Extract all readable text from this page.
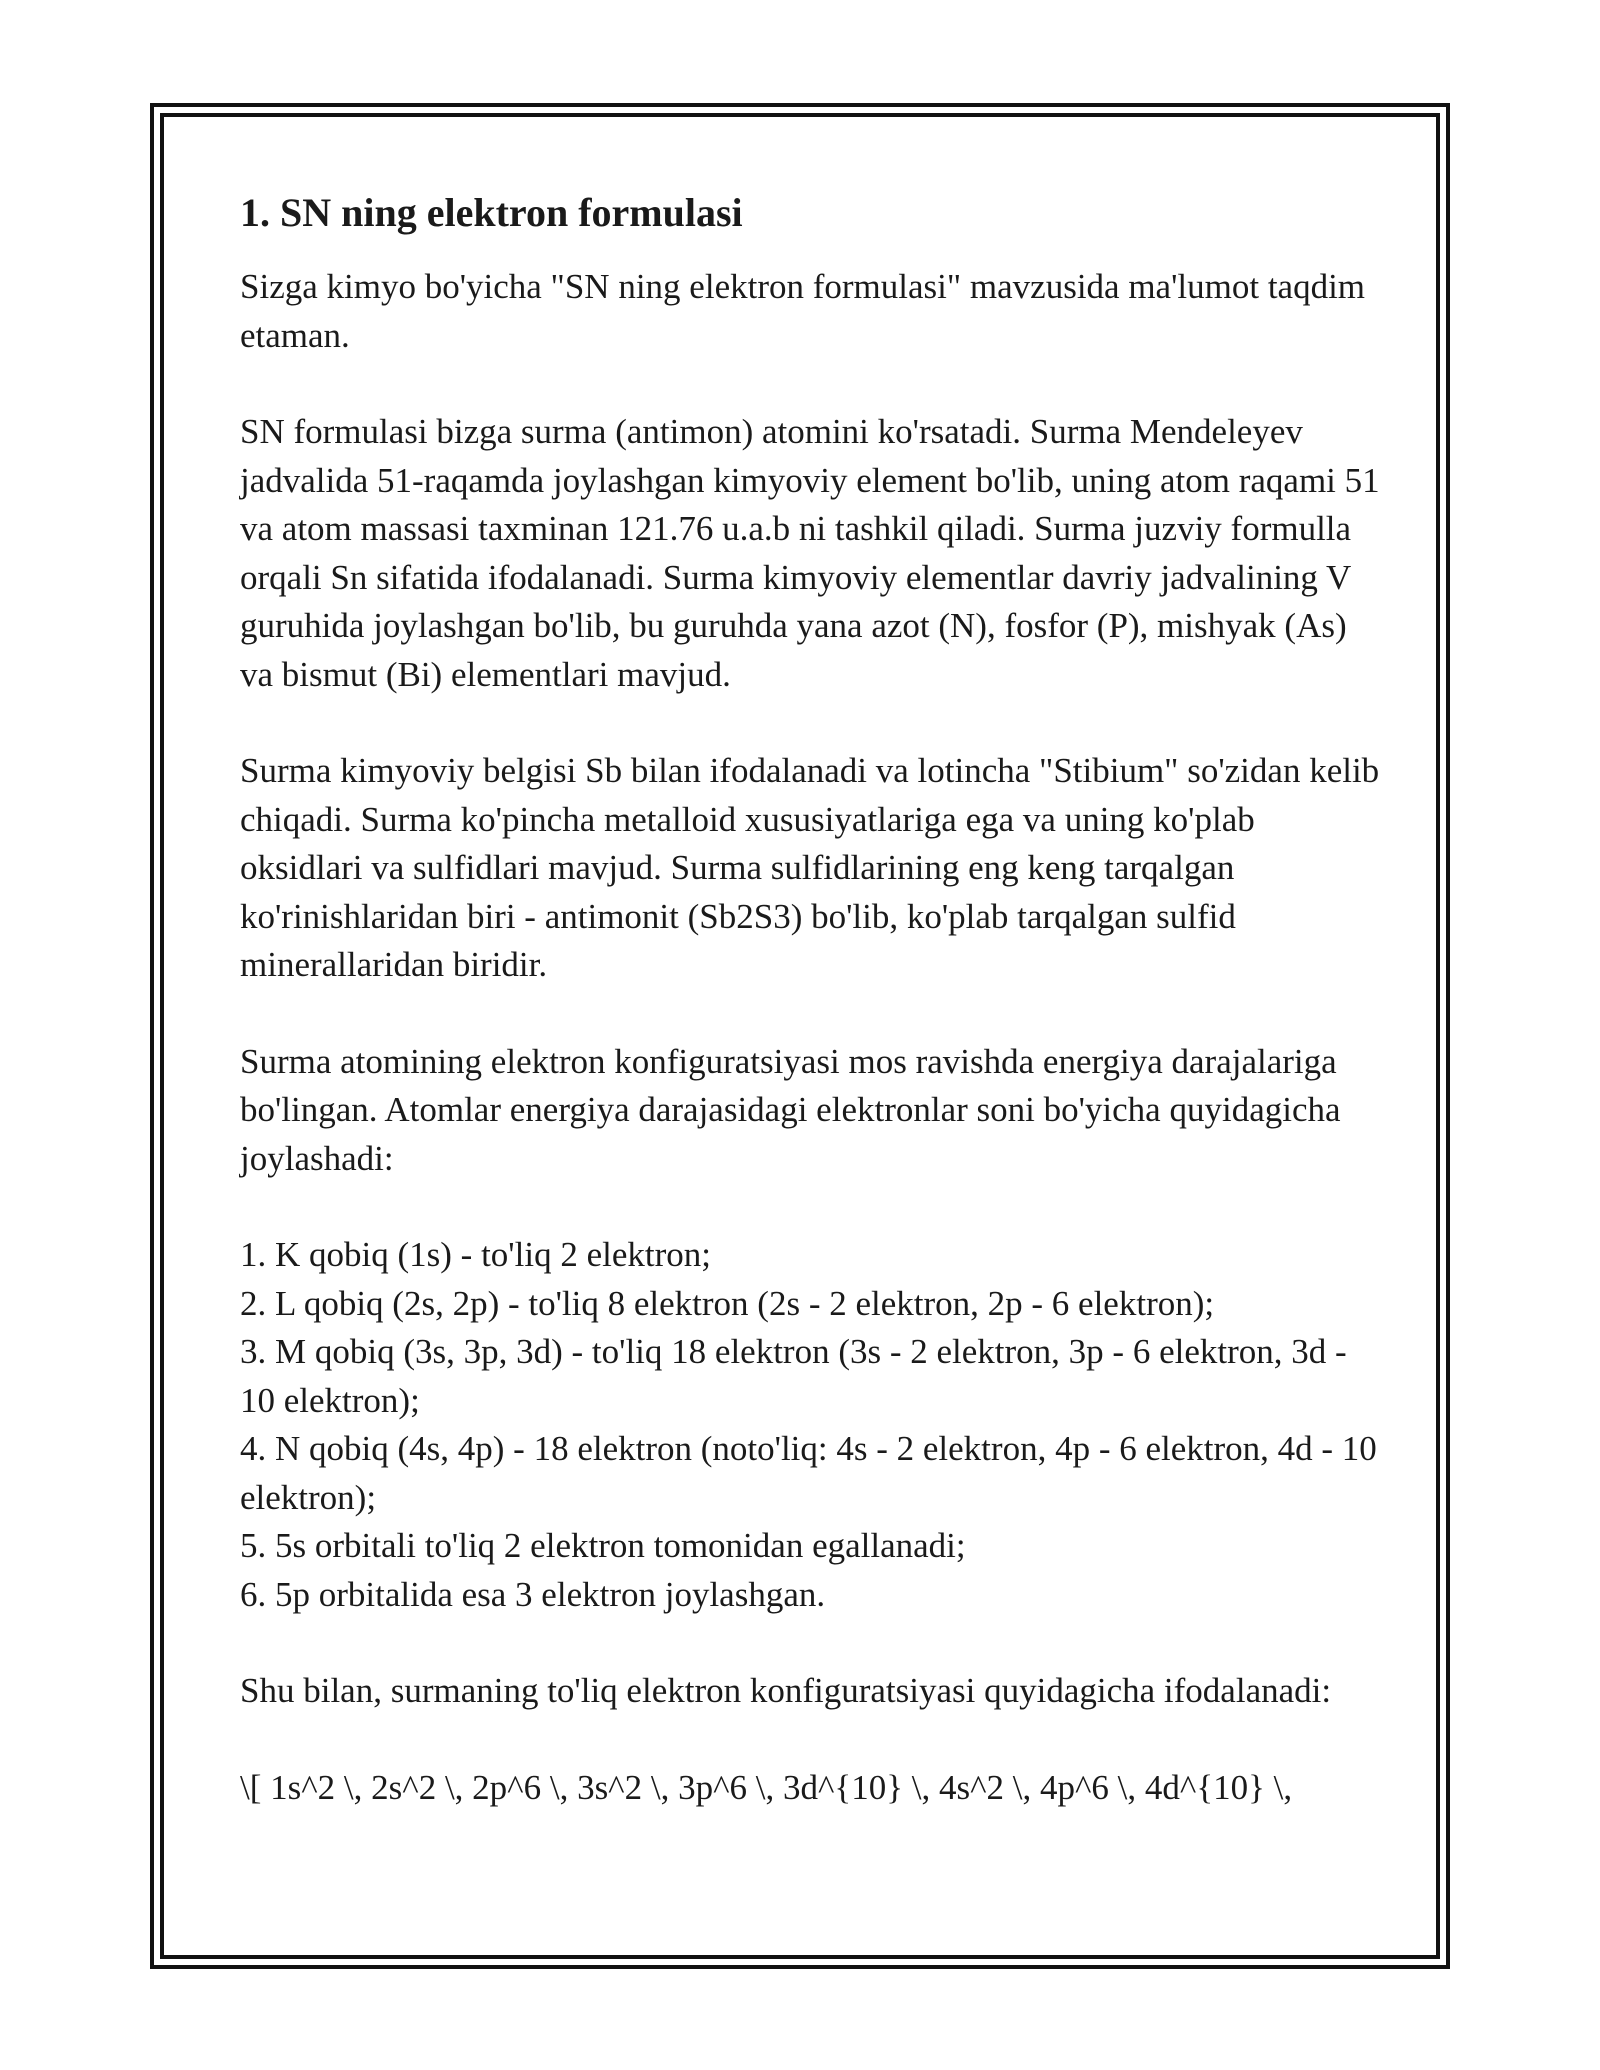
1. SN ning elektron formulasi

Sizga kimyo bo'yicha "SN ning elektron formulasi" mavzusida ma'lumot taqdim etaman.

SN formulasi bizga surma (antimon) atomini ko'rsatadi. Surma Mendeleyev jadvalida 51-raqamda joylashgan kimyoviy element bo'lib, uning atom raqami 51 va atom massasi taxminan 121.76 u.a.b ni tashkil qiladi. Surma juzviy formulla orqali Sn sifatida ifodalanadi. Surma kimyoviy elementlar davriy jadvalining V guruhida joylashgan bo'lib, bu guruhda yana azot (N), fosfor (P), mishyak (As) va bismut (Bi) elementlari mavjud.

Surma kimyoviy belgisi Sb bilan ifodalanadi va lotincha "Stibium" so'zidan kelib chiqadi. Surma ko'pincha metalloid xususiyatlariga ega va uning ko'plab oksidlari va sulfidlari mavjud. Surma sulfidlarining eng keng tarqalgan ko'rinishlaridan biri - antimonit (Sb2S3) bo'lib, ko'plab tarqalgan sulfid minerallaridan biridir.

Surma atomining elektron konfiguratsiyasi mos ravishda energiya darajalariga bo'lingan. Atomlar energiya darajasidagi elektronlar soni bo'yicha quyidagicha joylashadi:

1. K qobiq (1s) - to'liq 2 elektron;
2. L qobiq (2s, 2p) - to'liq 8 elektron (2s - 2 elektron, 2p - 6 elektron);
3. M qobiq (3s, 3p, 3d) - to'liq 18 elektron (3s - 2 elektron, 3p - 6 elektron, 3d - 10 elektron);
4. N qobiq (4s, 4p) - 18 elektron (noto'liq: 4s - 2 elektron, 4p - 6 elektron, 4d - 10 elektron);
5. 5s orbitali to'liq 2 elektron tomonidan egallanadi;
6. 5p orbitalida esa 3 elektron joylashgan.

Shu bilan, surmaning to'liq elektron konfiguratsiyasi quyidagicha ifodalanadi:

\[ 1s^2 \, 2s^2 \, 2p^6 \, 3s^2 \, 3p^6 \, 3d^{10} \, 4s^2 \, 4p^6 \, 4d^{10} \,
